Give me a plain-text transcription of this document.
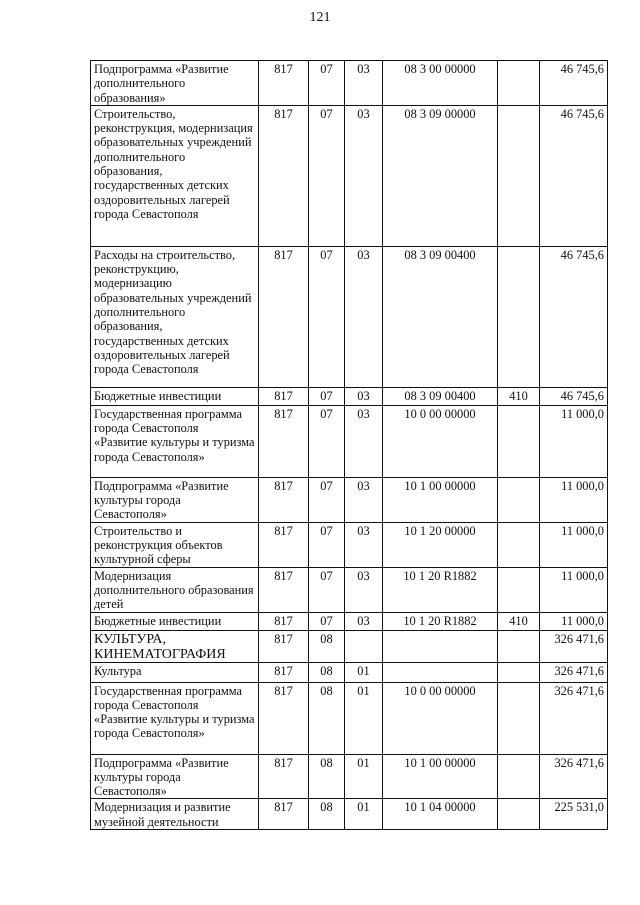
121
Подпрограмма «Развитие дополнительного образования»	817	07	03	08 3 00 00000		46 745,6
Строительство, реконструкция, модернизация образовательных учреждений дополнительного образования, государственных детских оздоровительных лагерей города Севастополя	817	07	03	08 3 09 00000		46 745,6
Расходы на строительство, реконструкцию, модернизацию образовательных учреждений дополнительного образования, государственных детских оздоровительных лагерей города Севастополя	817	07	03	08 3 09 00400		46 745,6
Бюджетные инвестиции	817	07	03	08 3 09 00400	410	46 745,6
Государственная программа города Севастополя «Развитие культуры и туризма города Севастополя»	817	07	03	10 0 00 00000		11 000,0
Подпрограмма «Развитие культуры города Севастополя»	817	07	03	10 1 00 00000		11 000,0
Строительство и реконструкция объектов культурной сферы	817	07	03	10 1 20 00000		11 000,0
Модернизация дополнительного образования детей	817	07	03	10 1 20 R1882		11 000,0
Бюджетные инвестиции	817	07	03	10 1 20 R1882	410	11 000,0
КУЛЬТУРА, КИНЕМАТОГРАФИЯ	817	08				326 471,6
Культура	817	08	01			326 471,6
Государственная программа города Севастополя «Развитие культуры и туризма города Севастополя»	817	08	01	10 0 00 00000		326 471,6
Подпрограмма «Развитие культуры города Севастополя»	817	08	01	10 1 00 00000		326 471,6
Модернизация и развитие музейной деятельности	817	08	01	10 1 04 00000		225 531,0
